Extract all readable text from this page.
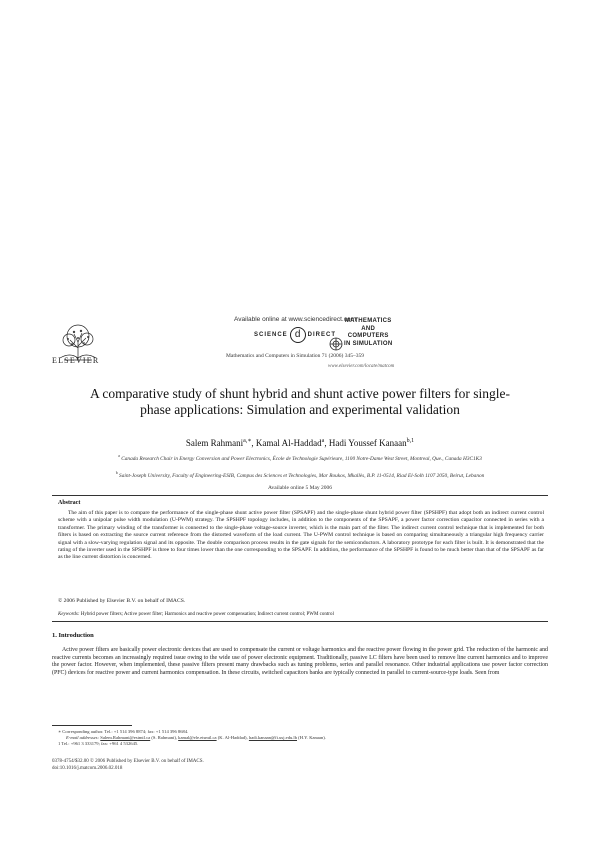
ELSEVIER
Available online at www.sciencedirect.com
SCIENCE d	DIRECT
Mathematics and Computers in Simulation 71 (2006) 345–359
MATHEMATICS
AND
COMPUTERS
IN SIMULATION
www.elsevier.com/locate/matcom
A comparative study of shunt hybrid and shunt active power filters for single-phase applications: Simulation and experimental validation
Salem Rahmani$^{a,∗}$, Kamal Al-Haddad$^a$, Hadi Youssef Kanaan$^{b,1}$
$^a$ Canada Research Chair in Energy Conversion and Power Electronics, École de Technologie Supérieure, 1100 Notre-Dame West Street, Montreal, Que., Canada H3C1K3
$^b$ Saint-Joseph University, Faculty of Engineering-ESIB, Campus des Sciences et Technologies, Mar Roukos, Mkallès, B.P. 11-0514, Riad El-Solh 1107 2050, Beirut, Lebanon
Available online 5 May 2006
Abstract
The aim of this paper is to compare the performance of the single-phase shunt active power filter (SPSAPF) and the single-phase shunt hybrid power filter (SPSHPF) that adopt both an indirect current control scheme with a unipolar pulse width modulation (U-PWM) strategy. The SPSHPF topology includes, in addition to the components of the SPSAPF, a power factor correction capacitor connected in series with a transformer. The primary winding of the transformer is connected to the single-phase voltage-source inverter, which is the main part of the filter. The indirect current control technique that is implemented for both filters is based on extracting the source current reference from the distorted waveform of the load current. The U-PWM control technique is based on comparing simultaneously a triangular high frequency carrier signal with a slow-varying regulation signal and its opposite. The double comparison process results in the gate signals for the semiconductors. A laboratory prototype for each filter is built. It is demonstrated that the rating of the inverter used in the SPSHPF is three to four times lower than the one corresponding to the SPSAPF. In addition, the performance of the SPSHPF is found to be much better than that of the SPSAPF as far as the line current distortion is concerned.
© 2006 Published by Elsevier B.V. on behalf of IMACS.
Keywords: Hybrid power filters; Active power filter; Harmonics and reactive power compensation; Indirect current control; PWM control
1. Introduction
Active power filters are basically power electronic devices that are used to compensate the current or voltage harmonics and the reactive power flowing in the power grid. The reduction of the harmonic and reactive currents becomes an increasingly required issue owing to the wide use of power electronic equipment. Traditionally, passive LC filters have been used to remove line current harmonics and to improve the power factor. However, when implemented, these passive filters present many drawbacks such as tuning problems, series and parallel resonance. Other industrial applications use power factor correction (PFC) devices for reactive power and current harmonics compensation. In these circuits, switched capacitors banks are typically connected in parallel to current-source-type loads. Seen from
∗ Corresponding author. Tel.: +1 514 396 8874; fax: +1 514 396 8684.
E-mail addresses: Salem.Rahmani@estmtl.ca (S. Rahmani), kamal@ele.etsmtl.ca (K. Al-Haddad), hadi.kanaan@fi.usj.edu.lb (H.Y. Kanaan).
1 Tel.: +961 3 333179; fax: +961 4 532645.
0378-4754/$32.00 © 2006 Published by Elsevier B.V. on behalf of IMACS.
doi:10.1016/j.matcom.2006.02.018
